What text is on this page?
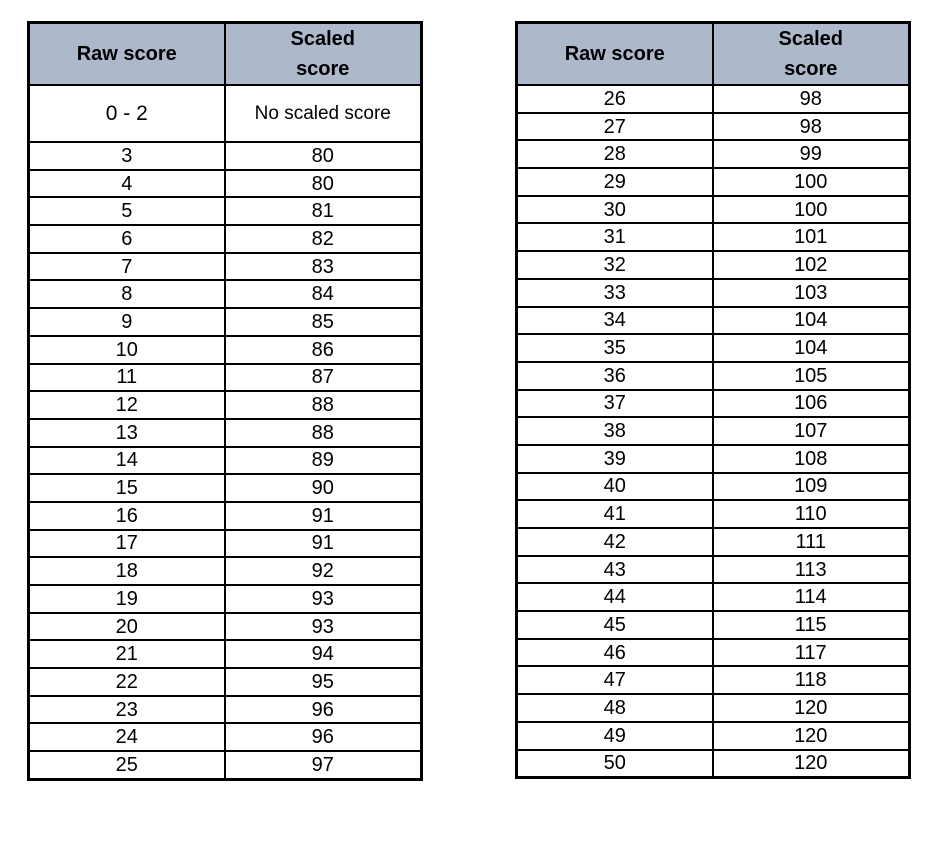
Raw score	Scaled
score
0 - 2	No scaled score
3	80
4	80
5	81
6	82
7	83
8	84
9	85
10	86
11	87
12	88
13	88
14	89
15	90
16	91
17	91
18	92
19	93
20	93
21	94
22	95
23	96
24	96
25	97
Raw score	Scaled
score
26	98
27	98
28	99
29	100
30	100
31	101
32	102
33	103
34	104
35	104
36	105
37	106
38	107
39	108
40	109
41	110
42	111
43	113
44	114
45	115
46	117
47	118
48	120
49	120
50	120
